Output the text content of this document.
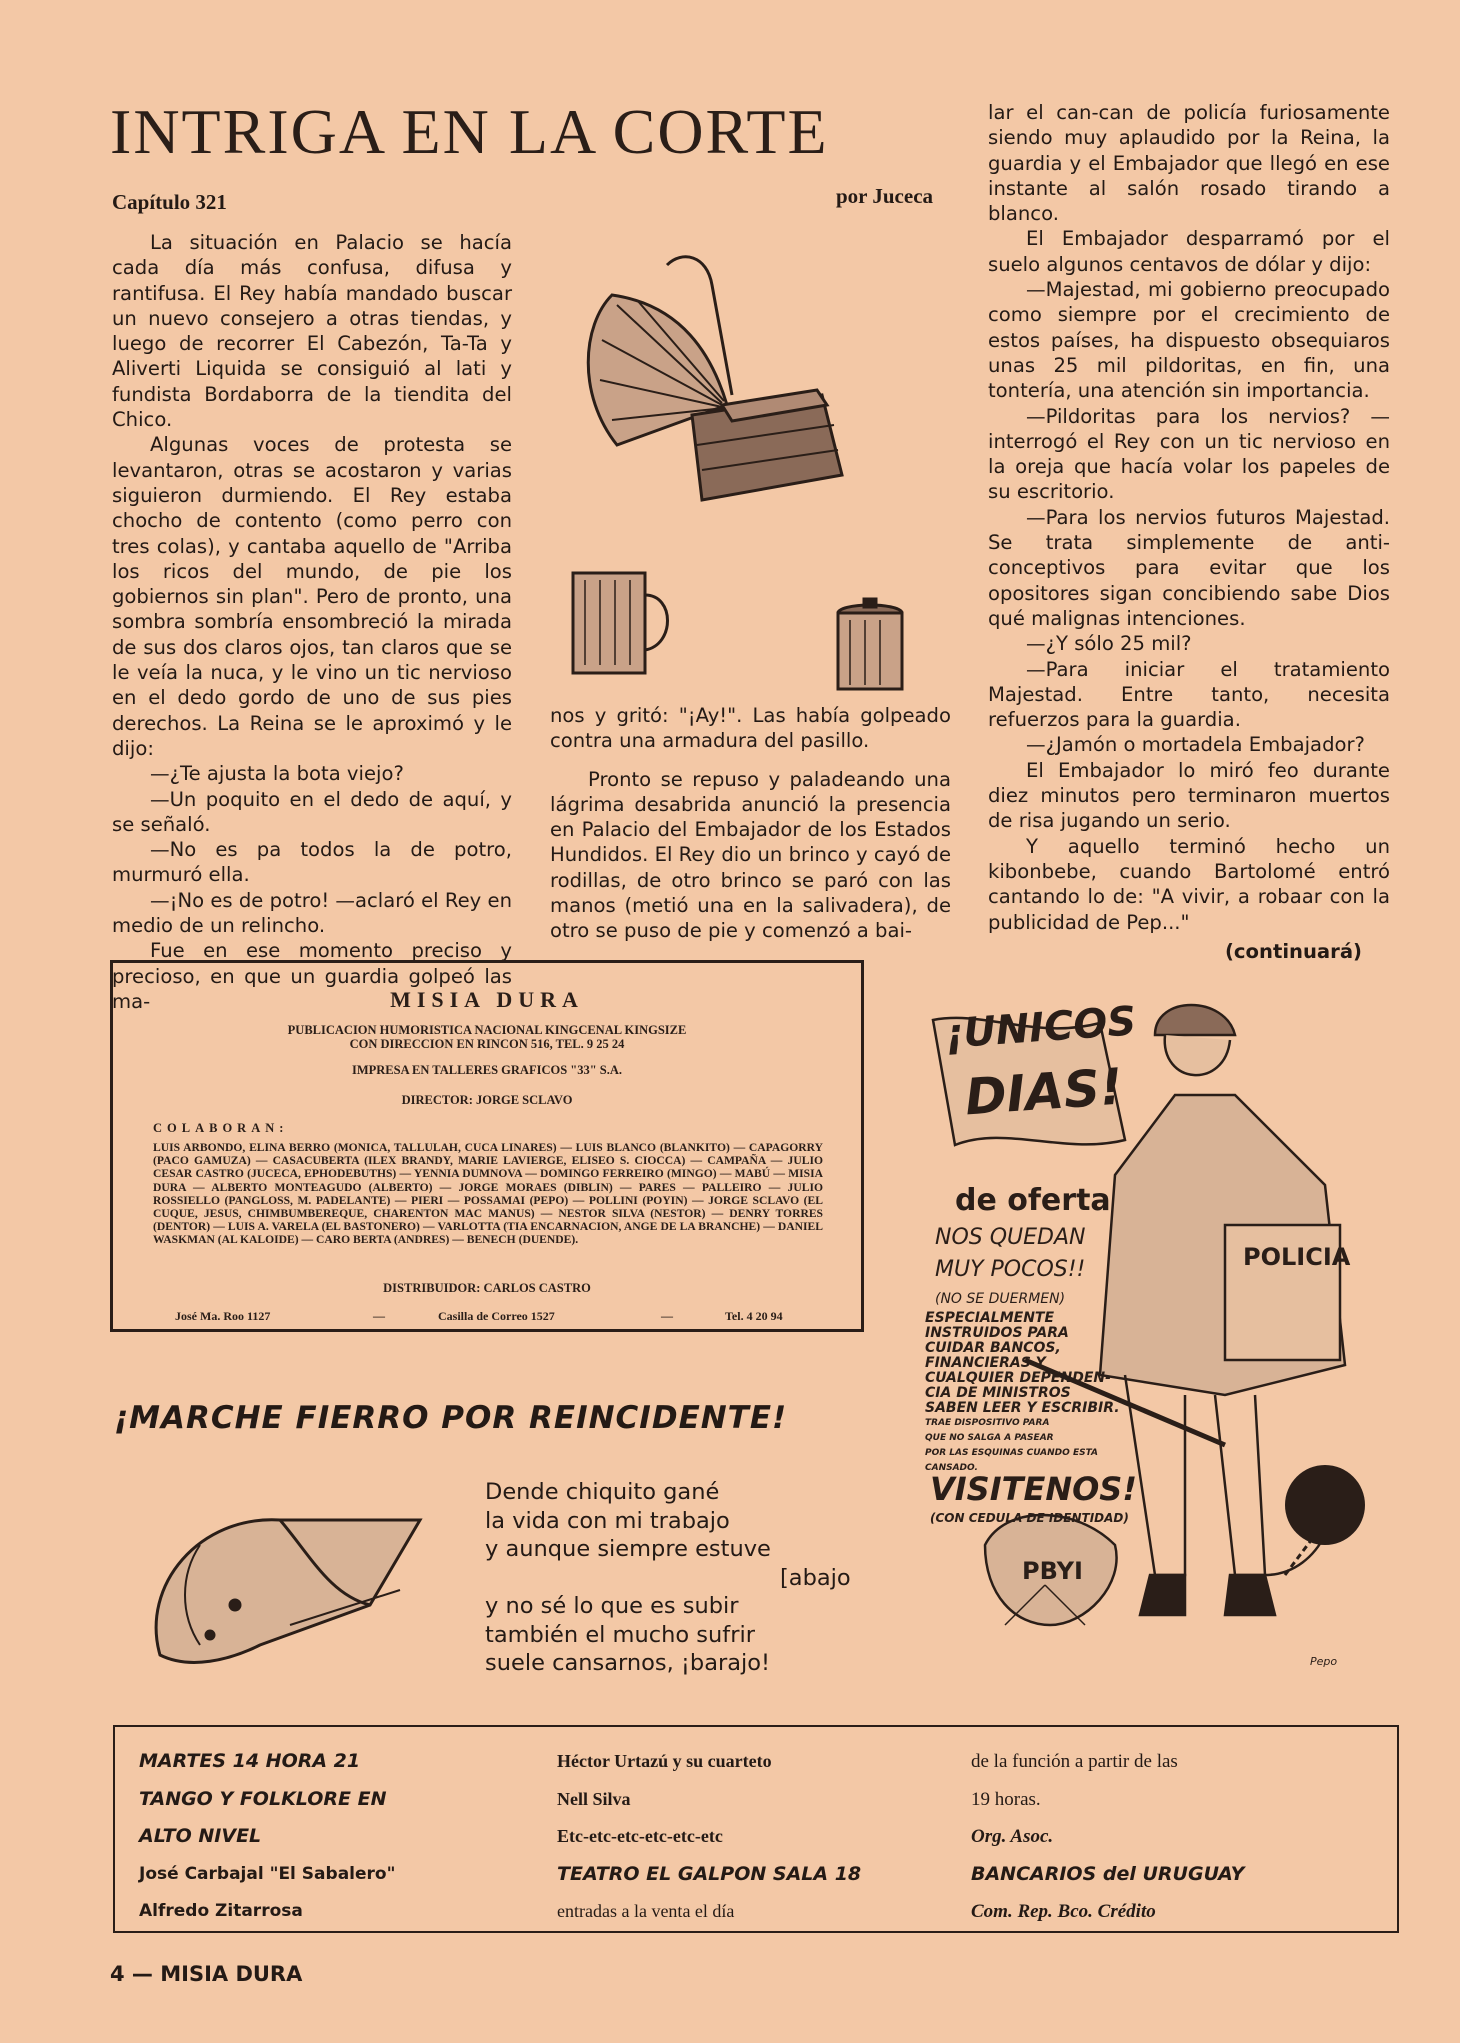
INTRIGA EN LA CORTE
Capítulo 321	por Juceca

La situación en Palacio se hacía cada día más confusa, difusa y rantifusa. El Rey había mandado buscar un nuevo consejero a otras tiendas, y luego de recorrer El Cabezón, Ta-Ta y Aliverti Liquida se consiguió al lati y fundista Bordaborra de la tiendita del Chico.

Algunas voces de protesta se levantaron, otras se acostaron y varias siguieron durmiendo. El Rey estaba chocho de contento (como perro con tres colas), y cantaba aquello de "Arriba los ricos del mundo, de pie los gobiernos sin plan". Pero de pronto, una sombra sombría ensombreció la mirada de sus dos claros ojos, tan claros que se le veía la nuca, y le vino un tic nervioso en el dedo gordo de uno de sus pies derechos. La Reina se le aproximó y le dijo:

—¿Te ajusta la bota viejo?

—Un poquito en el dedo de aquí, y se señaló.

—No es pa todos la de potro, murmuró ella.

—¡No es de potro! —aclaró el Rey en medio de un relincho.

Fue en ese momento preciso y precioso, en que un guardia golpeó las ma-

nos y gritó: "¡Ay!". Las había golpeado contra una armadura del pasillo.

Pronto se repuso y paladeando una lágrima desabrida anunció la presencia en Palacio del Embajador de los Estados Hundidos. El Rey dio un brinco y cayó de rodillas, de otro brinco se paró con las manos (metió una en la salivadera), de otro se puso de pie y comenzó a bai-

lar el can-can de policía furiosamente siendo muy aplaudido por la Reina, la guardia y el Embajador que llegó en ese instante al salón rosado tirando a blanco.

El Embajador desparramó por el suelo algunos centavos de dólar y dijo:

—Majestad, mi gobierno preocupado como siempre por el crecimiento de estos países, ha dispuesto obsequiaros unas 25 mil pildoritas, en fin, una tontería, una atención sin importancia.

—Pildoritas para los nervios? —interrogó el Rey con un tic nervioso en la oreja que hacía volar los papeles de su escritorio.

—Para los nervios futuros Majestad. Se trata simplemente de anti-conceptivos para evitar que los opositores sigan concibiendo sabe Dios qué malignas intenciones.

—¿Y sólo 25 mil?

—Para iniciar el tratamiento Majestad. Entre tanto, necesita refuerzos para la guardia.

—¿Jamón o mortadela Embajador?

El Embajador lo miró feo durante diez minutos pero terminaron muertos de risa jugando un serio.

Y aquello terminó hecho un kibonbebe, cuando Bartolomé entró cantando lo de: "A vivir, a robaar con la publicidad de Pep..."

(continuará)
MISIA DURA
PUBLICACION HUMORISTICA NACIONAL KINGCENAL KINGSIZE
CON DIRECCION EN RINCON 516, TEL. 9 25 24
IMPRESA EN TALLERES GRAFICOS "33" S.A.
DIRECTOR: JORGE SCLAVO
COLABORAN:
LUIS ARBONDO, ELINA BERRO (MONICA, TALLULAH, CUCA LINARES) — LUIS BLANCO (BLANKITO) — CAPAGORRY (PACO GAMUZA) — CASACUBERTA (ILEX BRANDY, MARIE LAVIERGE, ELISEO S. CIOCCA) — CAMPAÑA — JULIO CESAR CASTRO (JUCECA, EPHODEBUTHS) — YENNIA DUMNOVA — DOMINGO FERREIRO (MINGO) — MABÚ — MISIA DURA — ALBERTO MONTEAGUDO (ALBERTO) — JORGE MORAES (DIBLIN) — PARES — PALLEIRO — JULIO ROSSIELLO (PANGLOSS, M. PADELANTE) — PIERI — POSSAMAI (PEPO) — POLLINI (POYIN) — JORGE SCLAVO (EL CUQUE, JESUS, CHIMBUMBEREQUE, CHARENTON MAC MANUS) — NESTOR SILVA (NESTOR) — DENRY TORRES (DENTOR) — LUIS A. VARELA (EL BASTONERO) — VARLOTTA (TIA ENCARNACION, ANGE DE LA BRANCHE) — DANIEL WASKMAN (AL KALOIDE) — CARO BERTA (ANDRES) — BENECH (DUENDE).
DISTRIBUIDOR: CARLOS CASTRO
José Ma. Roo 1127	—	Casilla de Correo 1527	—	Tel. 4 20 94
¡MARCHE FIERRO POR REINCIDENTE!
Dende chiquito gané
la vida con mi trabajo
y aunque siempre estuve
[abajo
y no sé lo que es subir
también el mucho sufrir
suele cansarnos, ¡barajo!
¡UNICOS
DIAS!
de oferta
NOS QUEDAN
MUY POCOS!!
(NO SE DUERMEN)
ESPECIALMENTE
INSTRUIDOS PARA
CUIDAR BANCOS,
FINANCIERAS Y
CUALQUIER DEPENDEN-
CIA DE MINISTROS
SABEN LEER Y ESCRIBIR.
TRAE DISPOSITIVO PARA
QUE NO SALGA A PASEAR
POR LAS ESQUINAS CUANDO ESTA
CANSADO.
VISITENOS!
(CON CEDULA DE IDENTIDAD)
POLICIA
PBYI
Pepo
MARTES 14 HORA 21
TANGO Y FOLKLORE EN
ALTO NIVEL
José Carbajal "El Sabalero"
Alfredo Zitarrosa
Héctor Urtazú y su cuarteto
Nell Silva
Etc-etc-etc-etc-etc-etc
TEATRO EL GALPON SALA 18
entradas a la venta el día
de la función a partir de las
19 horas.
Org. Asoc.
BANCARIOS del URUGUAY
Com. Rep. Bco. Crédito
4 — MISIA DURA
